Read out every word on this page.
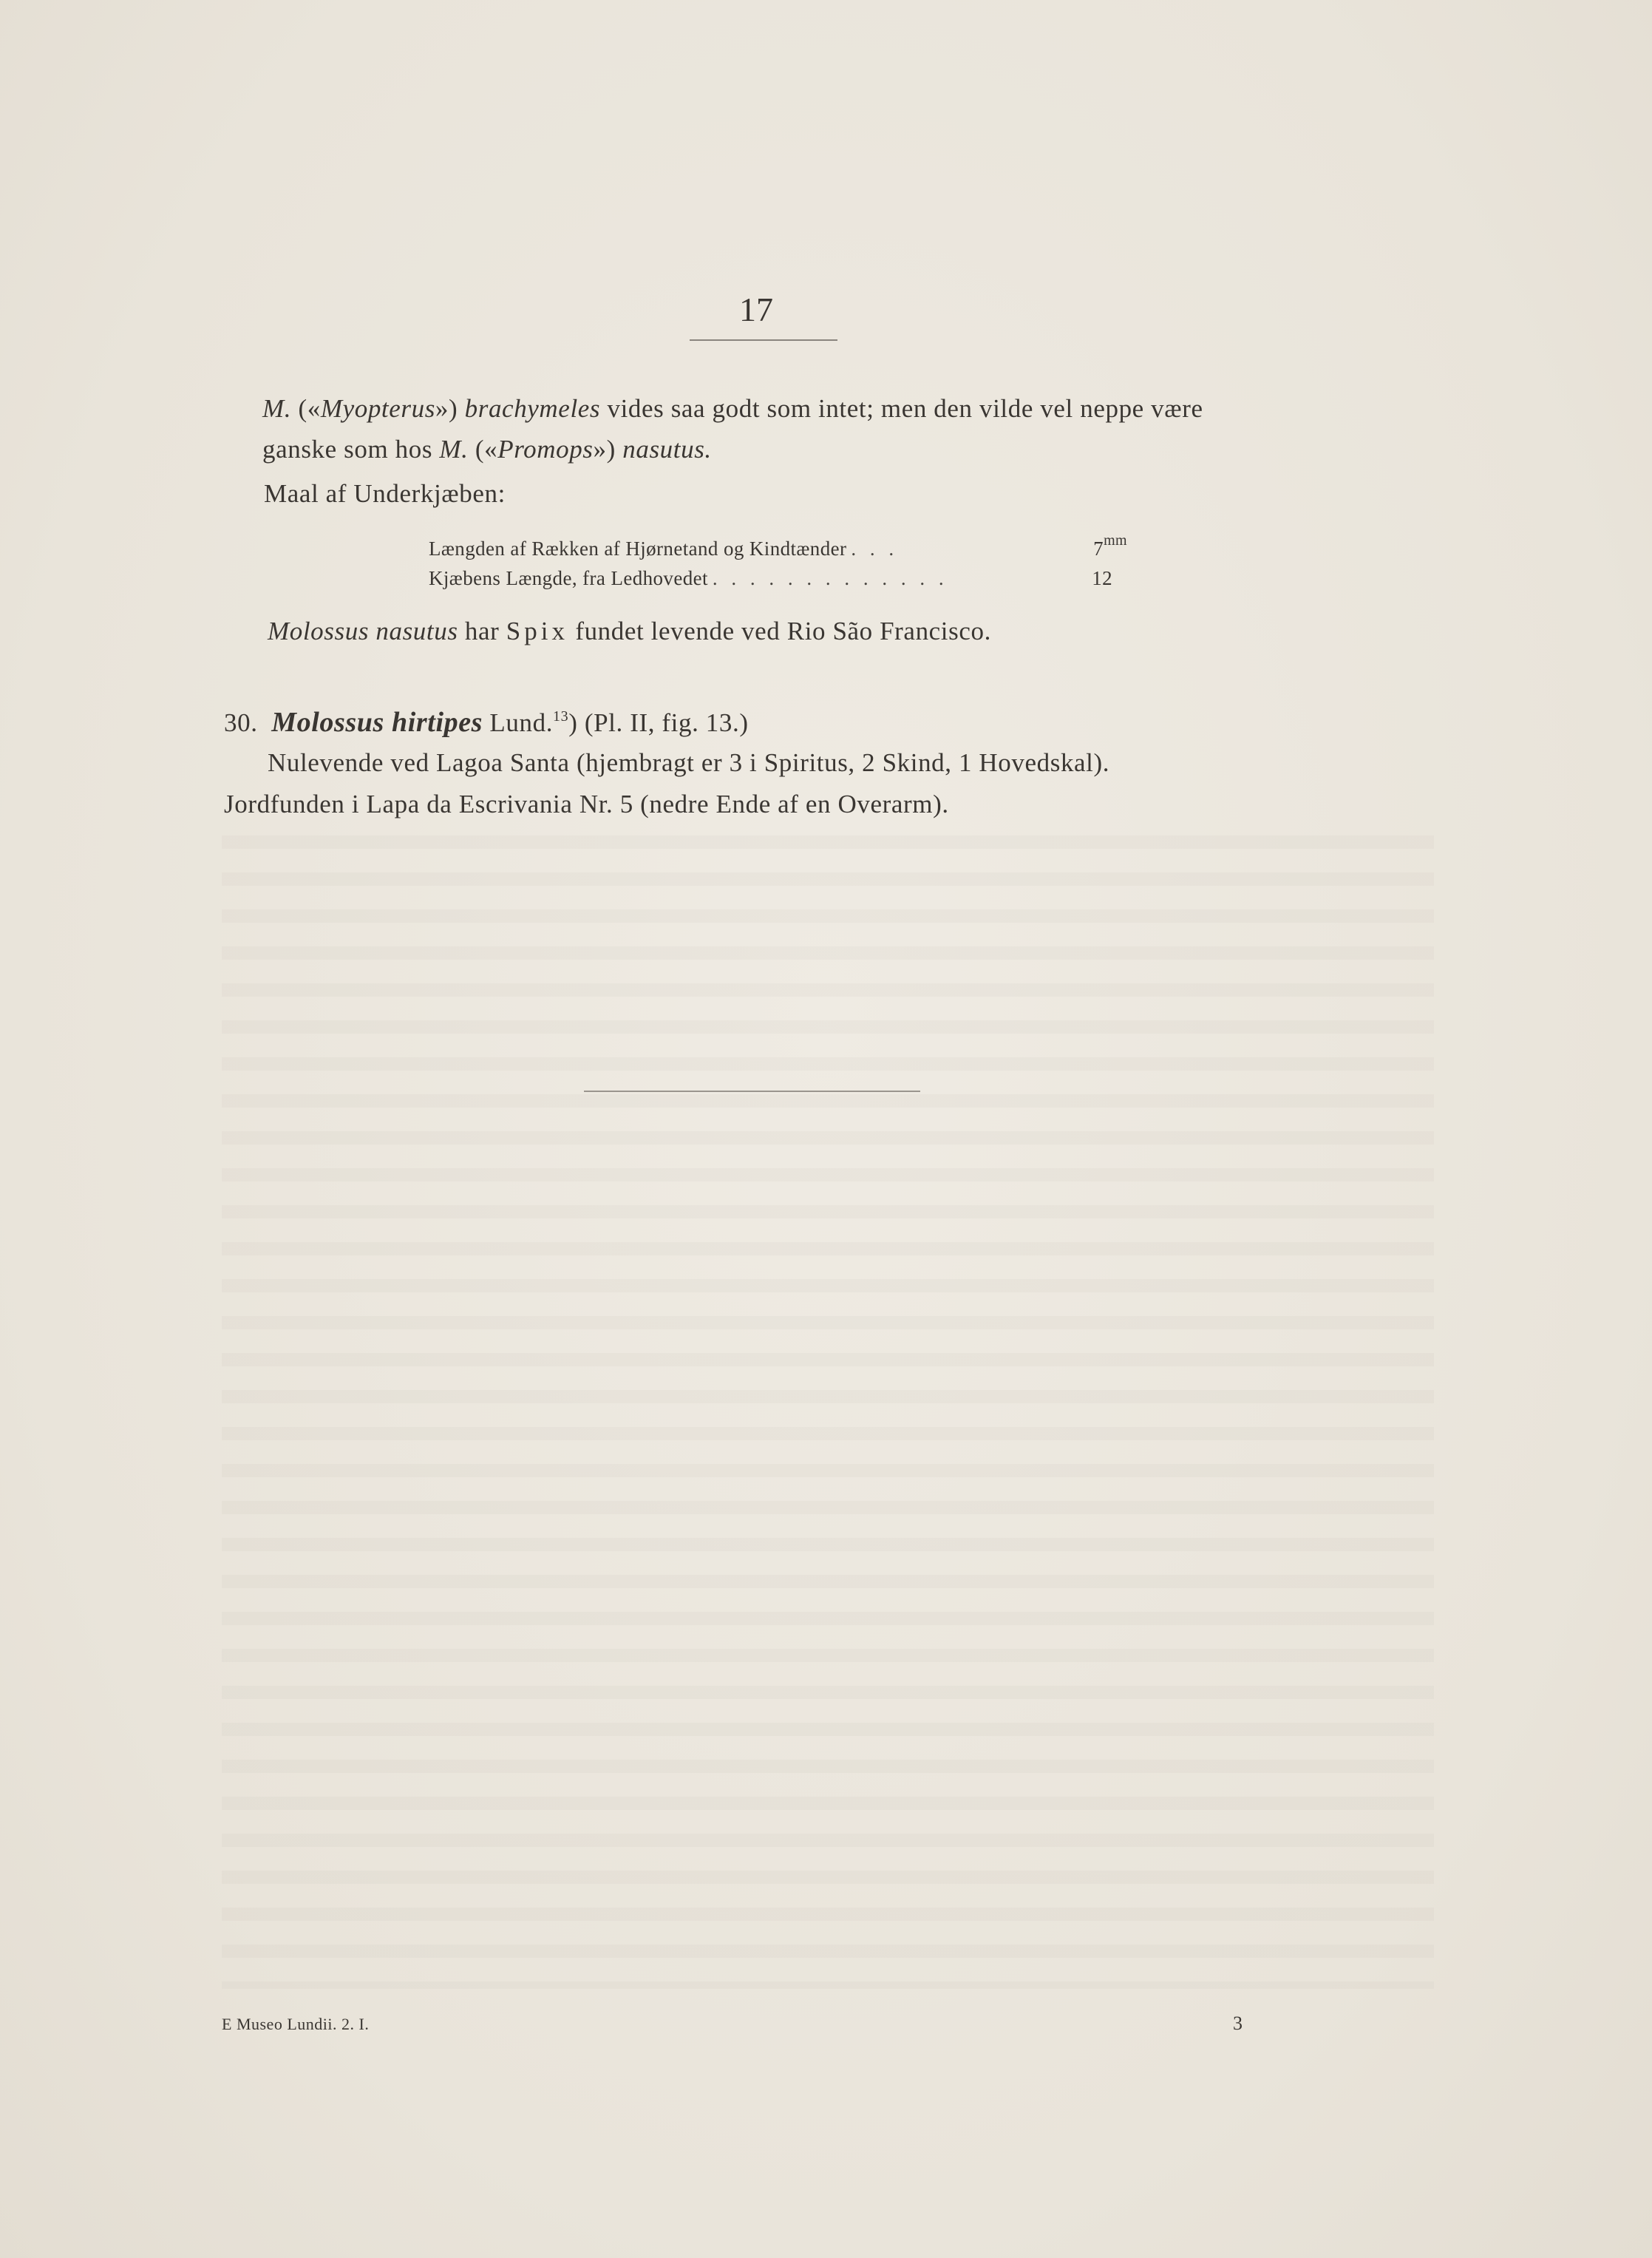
17
M. («Myopterus») brachymeles vides saa godt som intet; men den vilde vel neppe være
ganske som hos M. («Promops») nasutus.
Maal af Underkjæben:
Længden af Rækken af Hjørnetand og Kindtænder . . .	$7^{mm}$
Kjæbens Længde, fra Ledhovedet . . . . . . . . . . . . .	12
Molossus nasutus har Spix fundet levende ved Rio São Francisco.
30. Molossus hirtipes Lund.$^{13}$) (Pl. II, fig. 13.)
Nulevende ved Lagoa Santa (hjembragt er 3 i Spiritus, 2 Skind, 1 Hovedskal).
Jordfunden i Lapa da Escrivania Nr. 5 (nedre Ende af en Overarm).
E Museo Lundii. 2. I.	3
